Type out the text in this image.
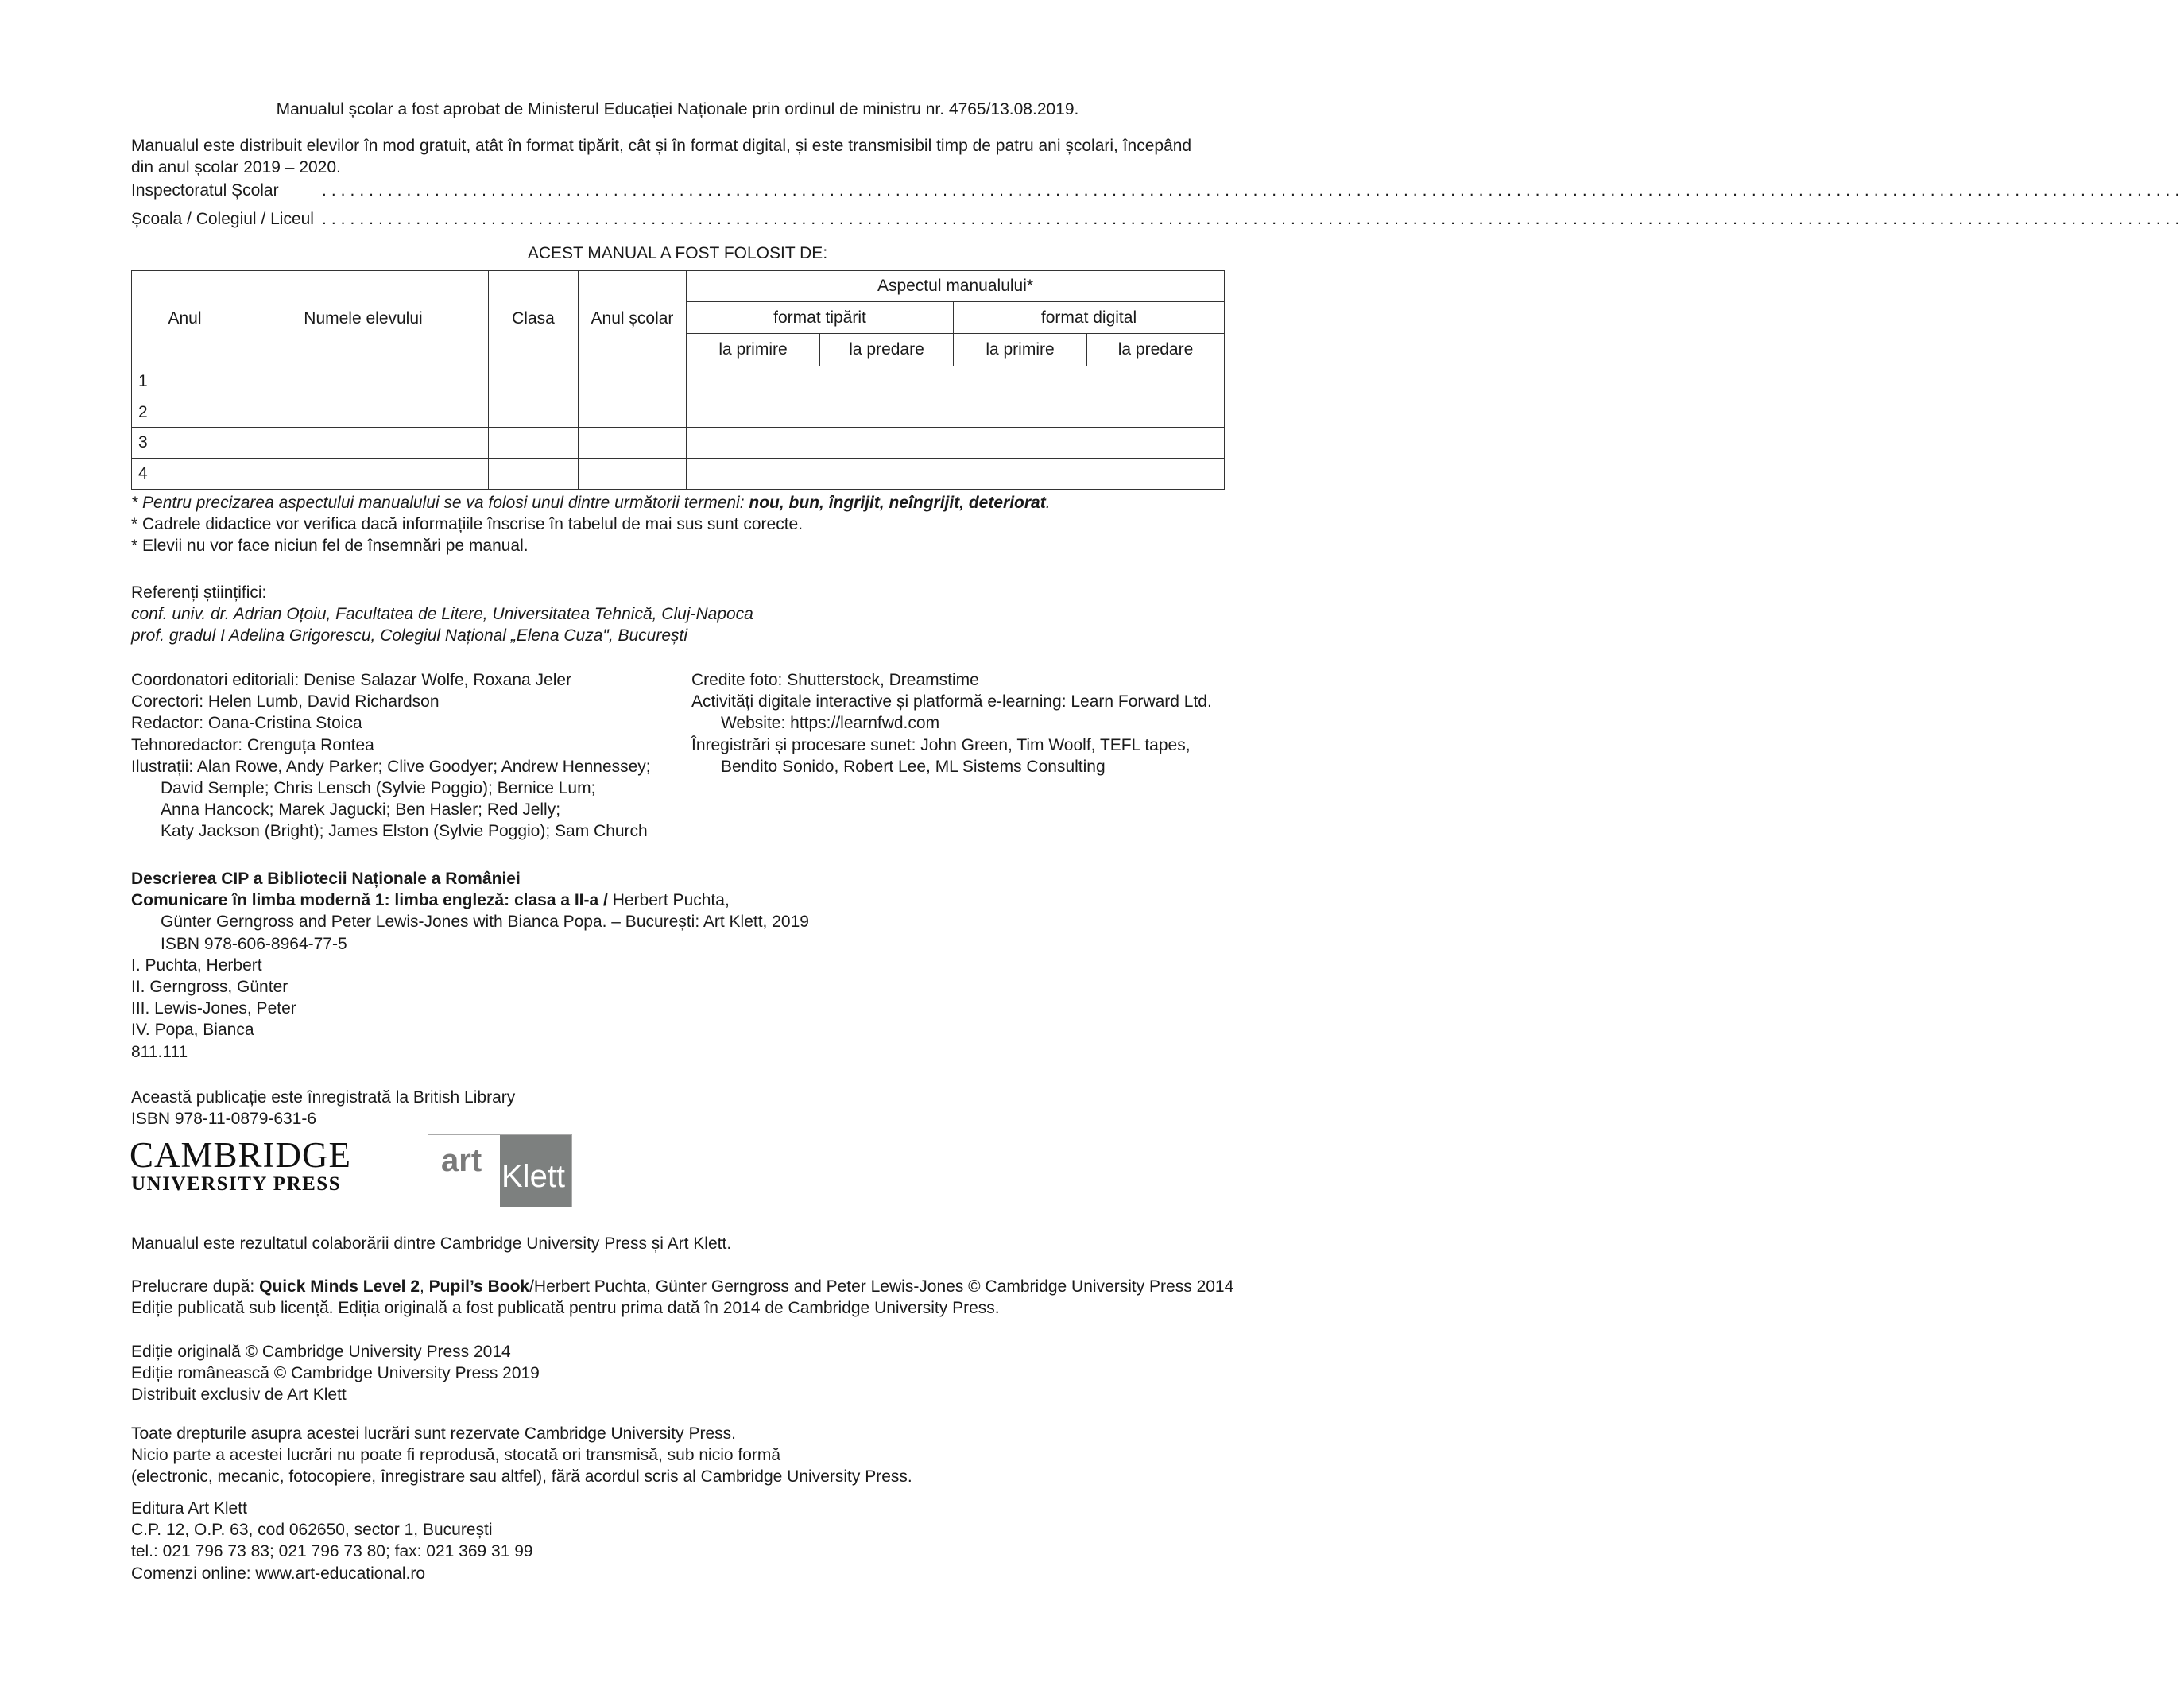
Manualul școlar a fost aprobat de Ministerul Educației Naționale prin ordinul de ministru nr. 4765/13.08.2019.
Manualul este distribuit elevilor în mod gratuit, atât în format tipărit, cât și în format digital, și este transmisibil timp de patru ani școlari, începând
din anul școlar 2019 – 2020.
Inspectoratul Școlar	......................................................................................................................................................................................................
Școala / Colegiul / Liceul ......................................................................................................................................................................................................
ACEST MANUAL A FOST FOLOSIT DE:
Anul	Numele elevului	Clasa	Anul școlar	Aspectul manualului*			
				format tipărit		format digital	
				la primire	la predare	la primire	la predare
1							
2							
3							
4							
* Pentru precizarea aspectului manualului se va folosi unul dintre următorii termeni: nou, bun, îngrijit, neîngrijit, deteriorat.
* Cadrele didactice vor verifica dacă informațiile înscrise în tabelul de mai sus sunt corecte.
* Elevii nu vor face niciun fel de însemnări pe manual.
Referenți științifici:
conf. univ. dr. Adrian Oțoiu, Facultatea de Litere, Universitatea Tehnică, Cluj-Napoca
prof. gradul I Adelina Grigorescu, Colegiul Național „Elena Cuza", București
Coordonatori editoriali: Denise Salazar Wolfe, Roxana Jeler
Corectori: Helen Lumb, David Richardson
Redactor: Oana-Cristina Stoica
Tehnoredactor: Crenguța Rontea
Ilustrații: Alan Rowe, Andy Parker; Clive Goodyer; Andrew Hennessey;
David Semple; Chris Lensch (Sylvie Poggio); Bernice Lum;
Anna Hancock; Marek Jagucki; Ben Hasler; Red Jelly;
Katy Jackson (Bright); James Elston (Sylvie Poggio); Sam Church
Credite foto: Shutterstock, Dreamstime
Activități digitale interactive și platformă e-learning: Learn Forward Ltd.
Website: https://learnfwd.com
Înregistrări și procesare sunet: John Green, Tim Woolf, TEFL tapes,
Bendito Sonido, Robert Lee, ML Sistems Consulting
Descrierea CIP a Bibliotecii Naționale a României
Comunicare în limba modernă 1: limba engleză: clasa a II-a / Herbert Puchta,
Günter Gerngross and Peter Lewis-Jones with Bianca Popa. – București: Art Klett, 2019
ISBN 978-606-8964-77-5
I. Puchta, Herbert
II. Gerngross, Günter
III. Lewis-Jones, Peter
IV. Popa, Bianca
811.111
Această publicație este înregistrată la British Library
ISBN 978-11-0879-631-6
CAMBRIDGE
UNIVERSITY PRESS
art Klett
Manualul este rezultatul colaborării dintre Cambridge University Press și Art Klett.
Prelucrare după: Quick Minds Level 2, Pupil’s Book/Herbert Puchta, Günter Gerngross and Peter Lewis-Jones © Cambridge University Press 2014
Ediție publicată sub licență. Ediția originală a fost publicată pentru prima dată în 2014 de Cambridge University Press.
Ediție originală © Cambridge University Press 2014
Ediție românească © Cambridge University Press 2019
Distribuit exclusiv de Art Klett
Toate drepturile asupra acestei lucrări sunt rezervate Cambridge University Press.
Nicio parte a acestei lucrări nu poate fi reprodusă, stocată ori transmisă, sub nicio formă
(electronic, mecanic, fotocopiere, înregistrare sau altfel), fără acordul scris al Cambridge University Press.
Editura Art Klett
C.P. 12, O.P. 63, cod 062650, sector 1, București
tel.: 021 796 73 83; 021 796 73 80; fax: 021 369 31 99
Comenzi online: www.art-educational.ro
